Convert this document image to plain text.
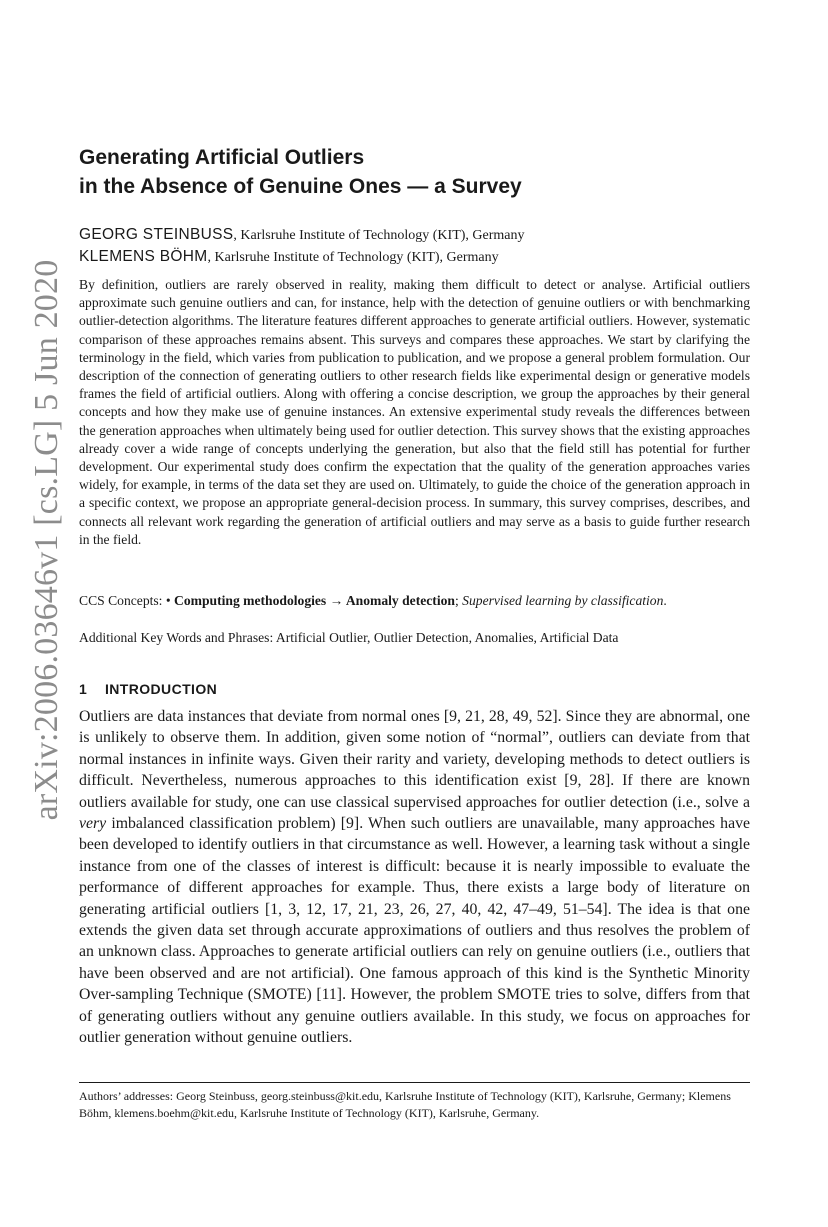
arXiv:2006.03646v1 [cs.LG] 5 Jun 2020
Generating Artificial Outliers
in the Absence of Genuine Ones — a Survey
GEORG STEINBUSS, Karlsruhe Institute of Technology (KIT), Germany
KLEMENS BÖHM, Karlsruhe Institute of Technology (KIT), Germany

By definition, outliers are rarely observed in reality, making them difficult to detect or analyse. Artificial outliers approximate such genuine outliers and can, for instance, help with the detection of genuine outliers or with benchmarking outlier-detection algorithms. The literature features different approaches to generate artificial outliers. However, systematic comparison of these approaches remains absent. This surveys and compares these approaches. We start by clarifying the terminology in the field, which varies from publication to publication, and we propose a general problem formulation. Our description of the connection of generating outliers to other research fields like experimental design or generative models frames the field of artificial outliers. Along with offering a concise description, we group the approaches by their general concepts and how they make use of genuine instances. An extensive experimental study reveals the differences between the generation approaches when ultimately being used for outlier detection. This survey shows that the existing approaches already cover a wide range of concepts underlying the generation, but also that the field still has potential for further development. Our experimental study does confirm the expectation that the quality of the generation approaches varies widely, for example, in terms of the data set they are used on. Ultimately, to guide the choice of the generation approach in a specific context, we propose an appropriate general-decision process. In summary, this survey comprises, describes, and connects all relevant work regarding the generation of artificial outliers and may serve as a basis to guide further research in the field.

CCS Concepts: • Computing methodologies → Anomaly detection; Supervised learning by classification.

Additional Key Words and Phrases: Artificial Outlier, Outlier Detection, Anomalies, Artificial Data

1 INTRODUCTION

Outliers are data instances that deviate from normal ones [9, 21, 28, 49, 52]. Since they are abnormal, one is unlikely to observe them. In addition, given some notion of “normal”, outliers can deviate from that normal instances in infinite ways. Given their rarity and variety, developing methods to detect outliers is difficult. Nevertheless, numerous approaches to this identification exist [9, 28]. If there are known outliers available for study, one can use classical supervised approaches for outlier detection (i.e., solve a very imbalanced classification problem) [9]. When such outliers are unavailable, many approaches have been developed to identify outliers in that circumstance as well. However, a learning task without a single instance from one of the classes of interest is difficult: because it is nearly impossible to evaluate the performance of different approaches for example. Thus, there exists a large body of literature on generating artificial outliers [1, 3, 12, 17, 21, 23, 26, 27, 40, 42, 47–49, 51–54]. The idea is that one extends the given data set through accurate approximations of outliers and thus resolves the problem of an unknown class. Approaches to generate artificial outliers can rely on genuine outliers (i.e., outliers that have been observed and are not artificial). One famous approach of this kind is the Synthetic Minority Over-sampling Technique (SMOTE) [11]. However, the problem SMOTE tries to solve, differs from that of generating outliers without any genuine outliers available. In this study, we focus on approaches for outlier generation without genuine outliers.

Authors’ addresses: Georg Steinbuss, georg.steinbuss@kit.edu, Karlsruhe Institute of Technology (KIT), Karlsruhe, Germany; Klemens Böhm, klemens.boehm@kit.edu, Karlsruhe Institute of Technology (KIT), Karlsruhe, Germany.
